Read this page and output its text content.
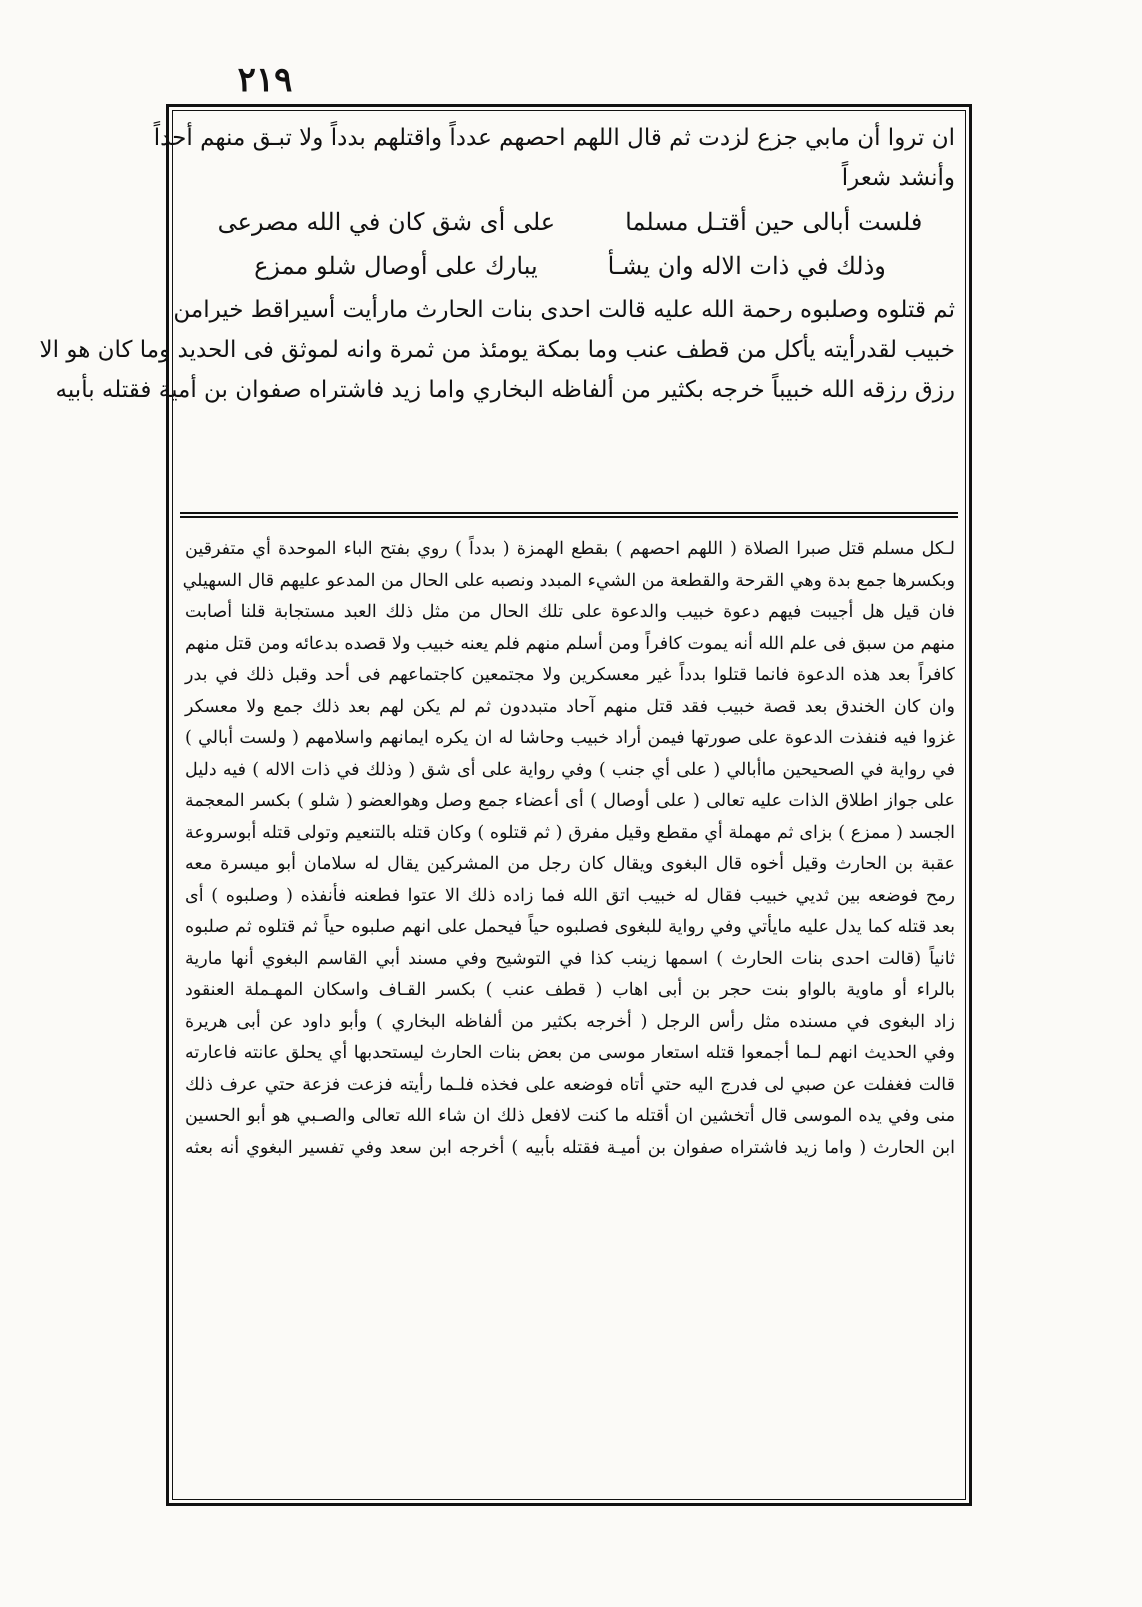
٢١٩
ان تروا أن مابي جزع لزدت ثم قال اللهم احصهم عدداً واقتلهم بدداً ولا تبـق منهم أحداً
وأنشد شعراً
فلست أبالى حين أقتـل مسلما
على أى شق كان في الله مصرعى
وذلك في ذات الاله وان يشـأ
يبارك على أوصال شلو ممزع
ثم قتلوه وصلبوه رحمة الله عليه قالت احدى بنات الحارث مارأيت أسيراقط خيرامن
خبيب لقدرأيته يأكل من قطف عنب وما بمكة يومئذ من ثمرة وانه لموثق فى الحديد وما كان هو الا
رزق رزقه الله خبيباً خرجه بكثير من ألفاظه البخاري واما زيد فاشتراه صفوان بن أمية فقتله بأبيه
لـكل مسلم قتل صبرا الصلاة ( اللهم احصهم ) بقطع الهمزة ( بدداً ) روي بفتح الباء الموحدة أي متفرقين
وبكسرها جمع بدة وهي القرحة والقطعة من الشيء المبدد ونصبه على الحال من المدعو عليهم قال السهيلي
فان قيل هل أجيبت فيهم دعوة خبيب والدعوة على تلك الحال من مثل ذلك العبد مستجابة قلنا أصابت
منهم من سبق فى علم الله أنه يموت كافراً ومن أسلم منهم فلم يعنه خبيب ولا قصده بدعائه ومن قتل منهم
كافراً بعد هذه الدعوة فانما قتلوا بدداً غير معسكرين ولا مجتمعين كاجتماعهم فى أحد وقبل ذلك في بدر
وان كان الخندق بعد قصة خبيب فقد قتل منهم آحاد متبددون ثم لم يكن لهم بعد ذلك جمع ولا معسكر
غزوا فيه فنفذت الدعوة على صورتها فيمن أراد خبيب وحاشا له ان يكره ايمانهم واسلامهم ( ولست أبالي )
في رواية في الصحيحين ماأبالي ( على أي جنب ) وفي رواية على أى شق ( وذلك في ذات الاله ) فيه دليل
على جواز اطلاق الذات عليه تعالى ( على أوصال ) أى أعضاء جمع وصل وهوالعضو ( شلو ) بكسر المعجمة
الجسد ( ممزع ) بزاى ثم مهملة أي مقطع وقيل مفرق ( ثم قتلوه ) وكان قتله بالتنعيم وتولى قتله أبوسروعة
عقبة بن الحارث وقيل أخوه قال البغوى ويقال كان رجل من المشركين يقال له سلامان أبو ميسرة معه
رمح فوضعه بين ثديي خبيب فقال له خبيب اتق الله فما زاده ذلك الا عتوا فطعنه فأنفذه ( وصلبوه ) أى
بعد قتله كما يدل عليه مايأتي وفي رواية للبغوى فصلبوه حياً فيحمل على انهم صلبوه حياً ثم قتلوه ثم صلبوه
ثانياً (قالت احدى بنات الحارث ) اسمها زينب كذا في التوشيح وفي مسند أبي القاسم البغوي أنها مارية
بالراء أو ماوية بالواو بنت حجر بن أبى اهاب ( قطف عنب ) بكسر القـاف واسكان المهـملة العنقود
زاد البغوى في مسنده مثل رأس الرجل ( أخرجه بكثير من ألفاظه البخاري ) وأبو داود عن أبى هريرة
وفي الحديث انهم لـما أجمعوا قتله استعار موسى من بعض بنات الحارث ليستحدبها أي يحلق عانته فاعارته
قالت فغفلت عن صبي لى فدرج اليه حتي أتاه فوضعه على فخذه فلـما رأيته فزعت فزعة حتي عرف ذلك
منى وفي يده الموسى قال أتخشين ان أقتله ما كنت لافعل ذلك ان شاء الله تعالى والصـبي هو أبو الحسين
ابن الحارث ( واما زيد فاشتراه صفوان بن أميـة فقتله بأبيه ) أخرجه ابن سعد وفي تفسير البغوي أنه بعثه
